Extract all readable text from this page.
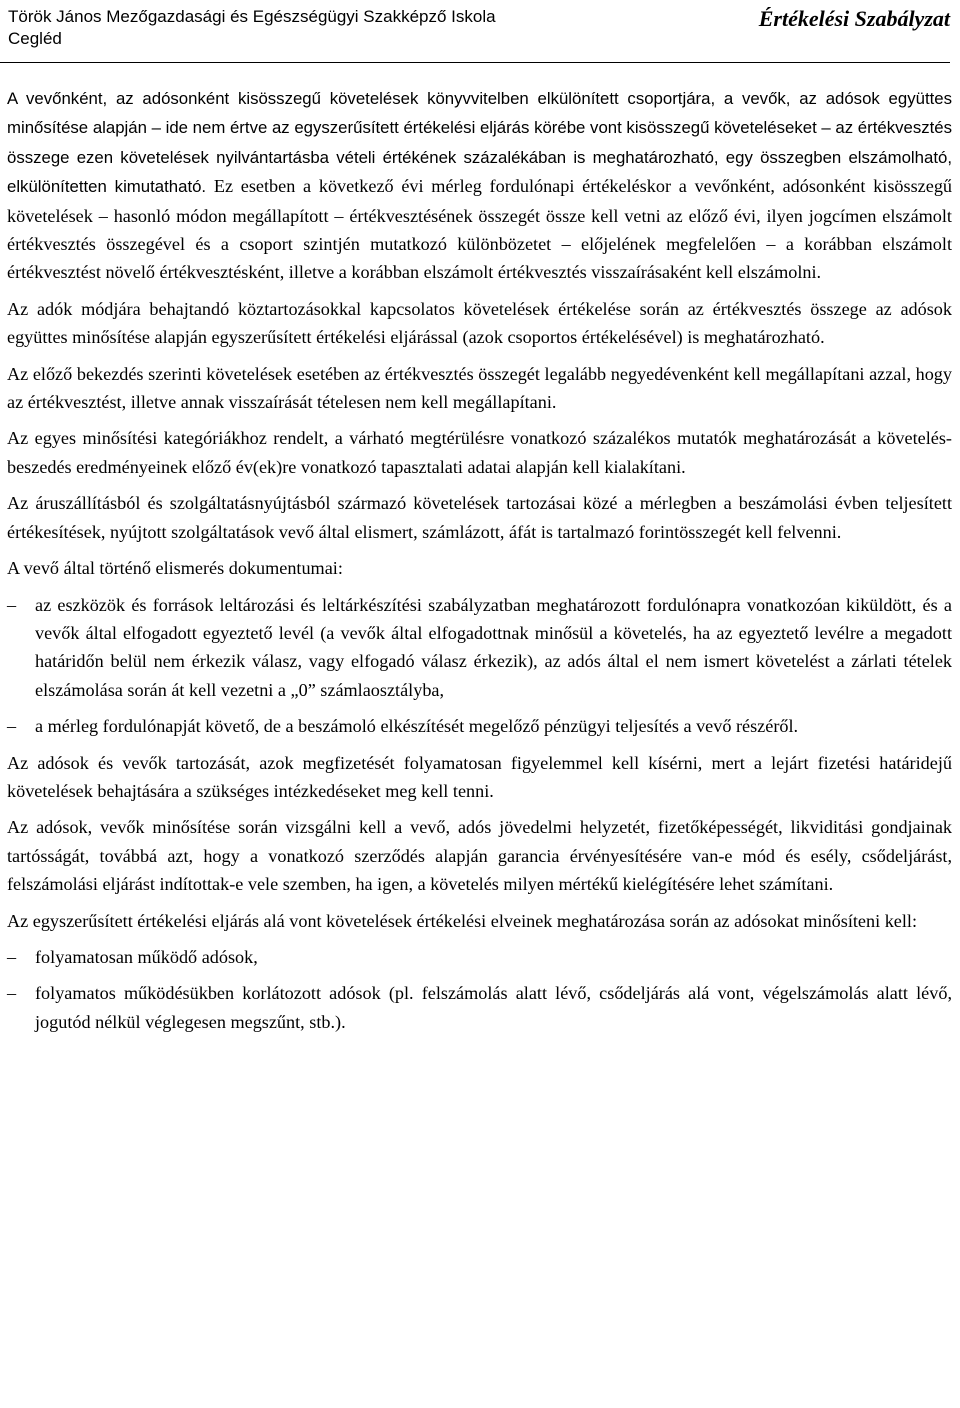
Török János Mezőgazdasági és Egészségügyi Szakképző Iskola
Cegléd
Értékelési Szabályzat

A vevőnként, az adósonként kisösszegű követelések könyvvitelben elkülönített csoportjára, a vevők, az adósok együttes minősítése alapján – ide nem értve az egyszerűsített értékelési eljárás körébe vont kisösszegű követeléseket – az értékvesztés összege ezen követelések nyilvántartásba vételi értékének százalékában is meghatározható, egy összegben elszámolható, elkülönítetten kimutatható. Ez esetben a következő évi mérleg fordulónapi értékeléskor a vevőnként, adósonként kisösszegű követelések – hasonló módon megállapított – értékvesztésének összegét össze kell vetni az előző évi, ilyen jogcímen elszámolt értékvesztés összegével és a csoport szintjén mutatkozó különbözetet – előjelének megfelelően – a korábban elszámolt értékvesztést növelő értékvesztésként, illetve a korábban elszámolt értékvesztés visszaírásaként kell elszámolni.

Az adók módjára behajtandó köztartozásokkal kapcsolatos követelések értékelése során az értékvesztés összege az adósok együttes minősítése alapján egyszerűsített értékelési eljárással (azok csoportos értékelésével) is meghatározható.

Az előző bekezdés szerinti követelések esetében az értékvesztés összegét legalább negyedévenként kell megállapítani azzal, hogy az értékvesztést, illetve annak visszaírását tételesen nem kell megállapítani.

Az egyes minősítési kategóriákhoz rendelt, a várható megtérülésre vonatkozó százalékos mutatók meghatározását a követelés-beszedés eredményeinek előző év(ek)re vonatkozó tapasztalati adatai alapján kell kialakítani.

Az áruszállításból és szolgáltatásnyújtásból származó követelések tartozásai közé a mérlegben a beszámolási évben teljesített értékesítések, nyújtott szolgáltatások vevő által elismert, számlázott, áfát is tartalmazó forintösszegét kell felvenni.

A vevő által történő elismerés dokumentumai:

– az eszközök és források leltározási és leltárkészítési szabályzatban meghatározott fordulónapra vonatkozóan kiküldött, és a vevők által elfogadott egyeztető levél (a vevők által elfogadottnak minősül a követelés, ha az egyeztető levélre a megadott határidőn belül nem érkezik válasz, vagy elfogadó válasz érkezik), az adós által el nem ismert követelést a zárlati tételek elszámolása során át kell vezetni a „0” számlaosztályba,
– a mérleg fordulónapját követő, de a beszámoló elkészítését megelőző pénzügyi teljesítés a vevő részéről.

Az adósok és vevők tartozását, azok megfizetését folyamatosan figyelemmel kell kísérni, mert a lejárt fizetési határidejű követelések behajtására a szükséges intézkedéseket meg kell tenni.

Az adósok, vevők minősítése során vizsgálni kell a vevő, adós jövedelmi helyzetét, fizetőképességét, likviditási gondjainak tartósságát, továbbá azt, hogy a vonatkozó szerződés alapján garancia érvényesítésére van-e mód és esély, csődeljárást, felszámolási eljárást indítottak-e vele szemben, ha igen, a követelés milyen mértékű kielégítésére lehet számítani.

Az egyszerűsített értékelési eljárás alá vont követelések értékelési elveinek meghatározása során az adósokat minősíteni kell:

– folyamatosan működő adósok,
– folyamatos működésükben korlátozott adósok (pl. felszámolás alatt lévő, csődeljárás alá vont, végelszámolás alatt lévő, jogutód nélkül véglegesen megszűnt, stb.).
